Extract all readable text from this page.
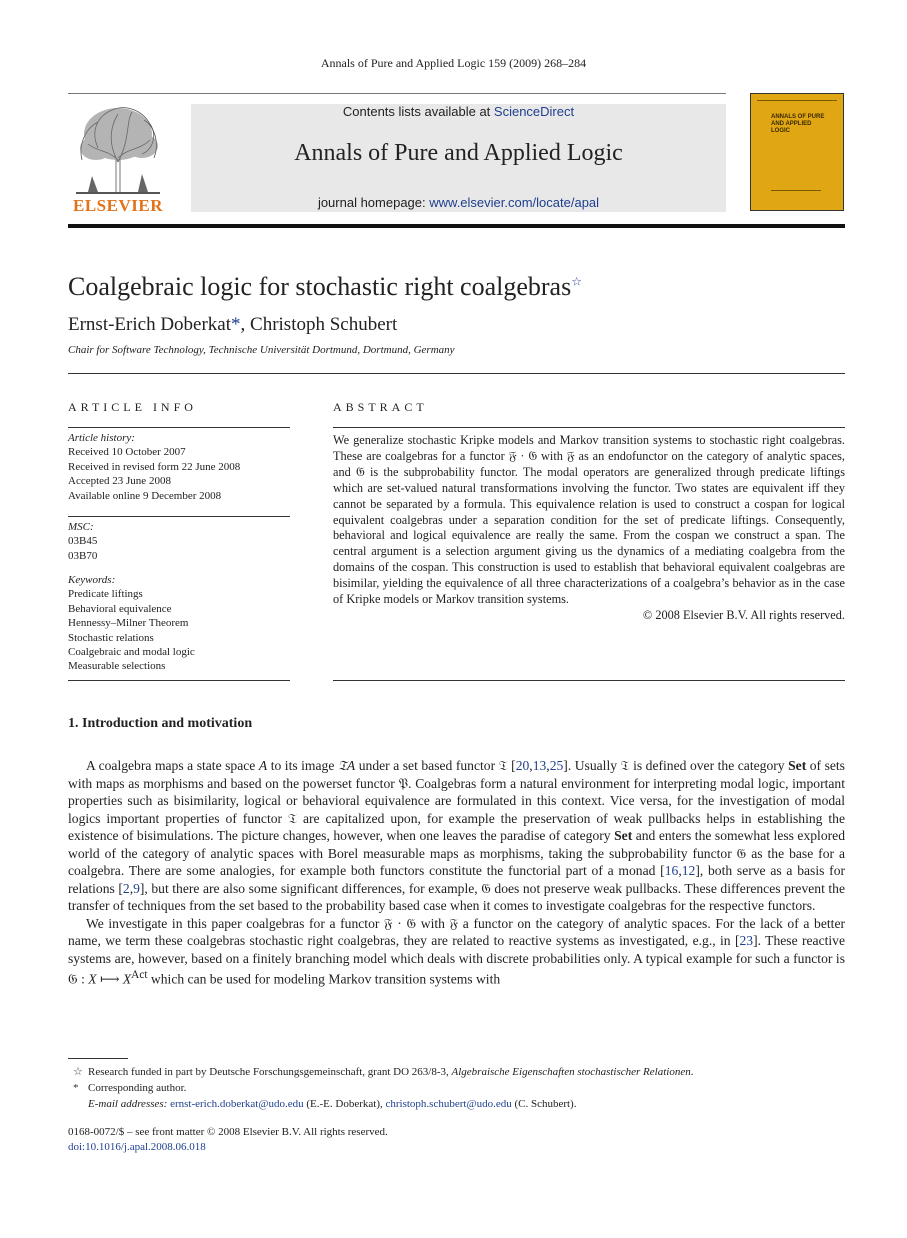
Annals of Pure and Applied Logic 159 (2009) 268–284
ELSEVIER
Contents lists available at ScienceDirect
Annals of Pure and Applied Logic
journal homepage: www.elsevier.com/locate/apal
ANNALS OF PURE AND APPLIED LOGIC
Coalgebraic logic for stochastic right coalgebras☆
Ernst-Erich Doberkat*, Christoph Schubert
Chair for Software Technology, Technische Universität Dortmund, Dortmund, Germany
ARTICLE INFO
Article history:
Received 10 October 2007
Received in revised form 22 June 2008
Accepted 23 June 2008
Available online 9 December 2008
MSC:
03B45
03B70
Keywords:
Predicate liftings
Behavioral equivalence
Hennessy–Milner Theorem
Stochastic relations
Coalgebraic and modal logic
Measurable selections
ABSTRACT
We generalize stochastic Kripke models and Markov transition systems to stochastic right coalgebras. These are coalgebras for a functor 𝔉 · 𝔊 with 𝔉 as an endofunctor on the category of analytic spaces, and 𝔊 is the subprobability functor. The modal operators are generalized through predicate liftings which are set-valued natural transformations involving the functor. Two states are equivalent iff they cannot be separated by a formula. This equivalence relation is used to construct a cospan for logical equivalent coalgebras under a separation condition for the set of predicate liftings. Consequently, behavioral and logical equivalence are really the same. From the cospan we construct a span. The central argument is a selection argument giving us the dynamics of a mediating coalgebra from the domains of the cospan. This construction is used to establish that behavioral equivalent coalgebras are bisimilar, yielding the equivalence of all three characterizations of a coalgebra’s behavior as in the case of Kripke models or Markov transition systems.
© 2008 Elsevier B.V. All rights reserved.
1. Introduction and motivation

A coalgebra maps a state space A to its image 𝔗A under a set based functor 𝔗 [20,13,25]. Usually 𝔗 is defined over the category Set of sets with maps as morphisms and based on the powerset functor 𝔓. Coalgebras form a natural environment for interpreting modal logic, important properties such as bisimilarity, logical or behavioral equivalence are formulated in this context. Vice versa, for the investigation of modal logics important properties of functor 𝔗 are capitalized upon, for example the preservation of weak pullbacks helps in establishing the existence of bisimulations. The picture changes, however, when one leaves the paradise of category Set and enters the somewhat less explored world of the category of analytic spaces with Borel measurable maps as morphisms, taking the subprobability functor 𝔊 as the base for a coalgebra. There are some analogies, for example both functors constitute the functorial part of a monad [16,12], both serve as a basis for relations [2,9], but there are also some significant differences, for example, 𝔊 does not preserve weak pullbacks. These differences prevent the transfer of techniques from the set based to the probability based case when it comes to investigate coalgebras for the respective functors.

We investigate in this paper coalgebras for a functor 𝔉 · 𝔊 with 𝔉 a functor on the category of analytic spaces. For the lack of a better name, we term these coalgebras stochastic right coalgebras, they are related to reactive systems as investigated, e.g., in [23]. These reactive systems are, however, based on a finitely branching model which deals with discrete probabilities only. A typical example for such a functor is 𝔊 : X ⟼ $X^{Act}$ which can be used for modeling Markov transition systems with

☆ Research funded in part by Deutsche Forschungsgemeinschaft, grant DO 263/8-3, Algebraische Eigenschaften stochastischer Relationen.
* Corresponding author.
E-mail addresses: ernst-erich.doberkat@udo.edu (E.-E. Doberkat), christoph.schubert@udo.edu (C. Schubert).
0168-0072/$ – see front matter © 2008 Elsevier B.V. All rights reserved.
doi:10.1016/j.apal.2008.06.018
